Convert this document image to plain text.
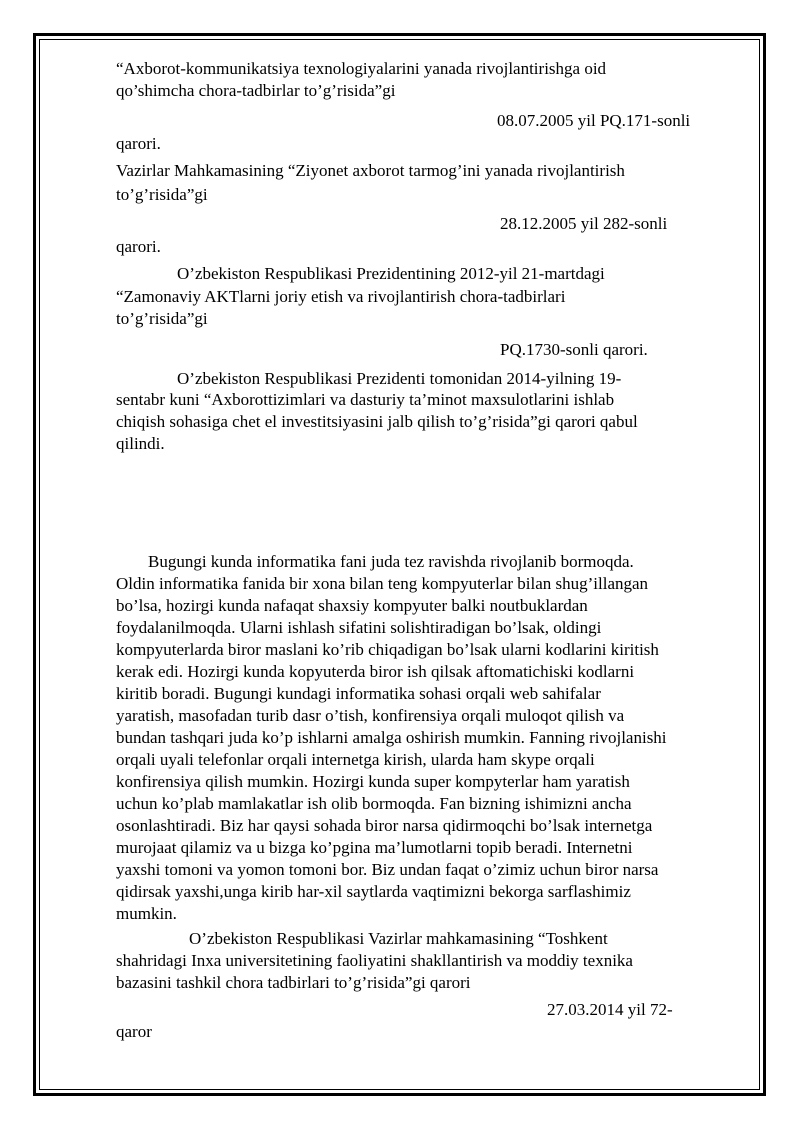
“Axborot-kommunikatsiya texnologiyalarini yanada rivojlantirishga oid

qo’shimcha chora-tadbirlar to’g’risida”gi

08.07.2005 yil PQ.171-sonli

qarori.

Vazirlar Mahkamasining “Ziyonet axborot tarmog’ini yanada rivojlantirish

to’g’risida”gi

28.12.2005 yil 282-sonli

qarori.

O’zbekiston Respublikasi Prezidentining 2012-yil 21-martdagi

“Zamonaviy AKTlarni joriy etish va rivojlantirish chora-tadbirlari

to’g’risida”gi

PQ.1730-sonli qarori.

O’zbekiston Respublikasi Prezidenti tomonidan 2014-yilning 19-

sentabr kuni “Axborottizimlari va dasturiy ta’minot maxsulotlarini ishlab

chiqish sohasiga chet el investitsiyasini jalb qilish to’g’risida”gi qarori qabul

qilindi.

Bugungi kunda informatika fani juda tez ravishda rivojlanib bormoqda.

Oldin informatika fanida bir xona bilan teng kompyuterlar bilan shug’illangan

bo’lsa, hozirgi kunda nafaqat shaxsiy kompyuter balki noutbuklardan

foydalanilmoqda. Ularni ishlash sifatini solishtiradigan bo’lsak, oldingi

kompyuterlarda biror maslani ko’rib chiqadigan bo’lsak ularni kodlarini kiritish

kerak edi. Hozirgi kunda kopyuterda biror ish qilsak aftomatichiski kodlarni

kiritib boradi. Bugungi kundagi informatika sohasi orqali web sahifalar

yaratish, masofadan turib dasr o’tish, konfirensiya orqali muloqot qilish va

bundan tashqari juda ko’p ishlarni amalga oshirish mumkin. Fanning rivojlanishi

orqali uyali telefonlar orqali internetga kirish, ularda ham skype orqali

konfirensiya qilish mumkin. Hozirgi kunda super kompyterlar ham yaratish

uchun ko’plab mamlakatlar ish olib bormoqda. Fan bizning ishimizni ancha

osonlashtiradi. Biz har qaysi sohada biror narsa qidirmoqchi bo’lsak internetga

murojaat qilamiz va u bizga ko’pgina ma’lumotlarni topib beradi. Internetni

yaxshi tomoni va yomon tomoni bor. Biz undan faqat o’zimiz uchun biror narsa

qidirsak yaxshi,unga kirib har-xil saytlarda vaqtimizni bekorga sarflashimiz

mumkin.

O’zbekiston Respublikasi Vazirlar mahkamasining “Toshkent

shahridagi Inxa universitetining faoliyatini shakllantirish va moddiy texnika

bazasini tashkil chora tadbirlari to’g’risida”gi qarori

27.03.2014 yil 72-

qaror
